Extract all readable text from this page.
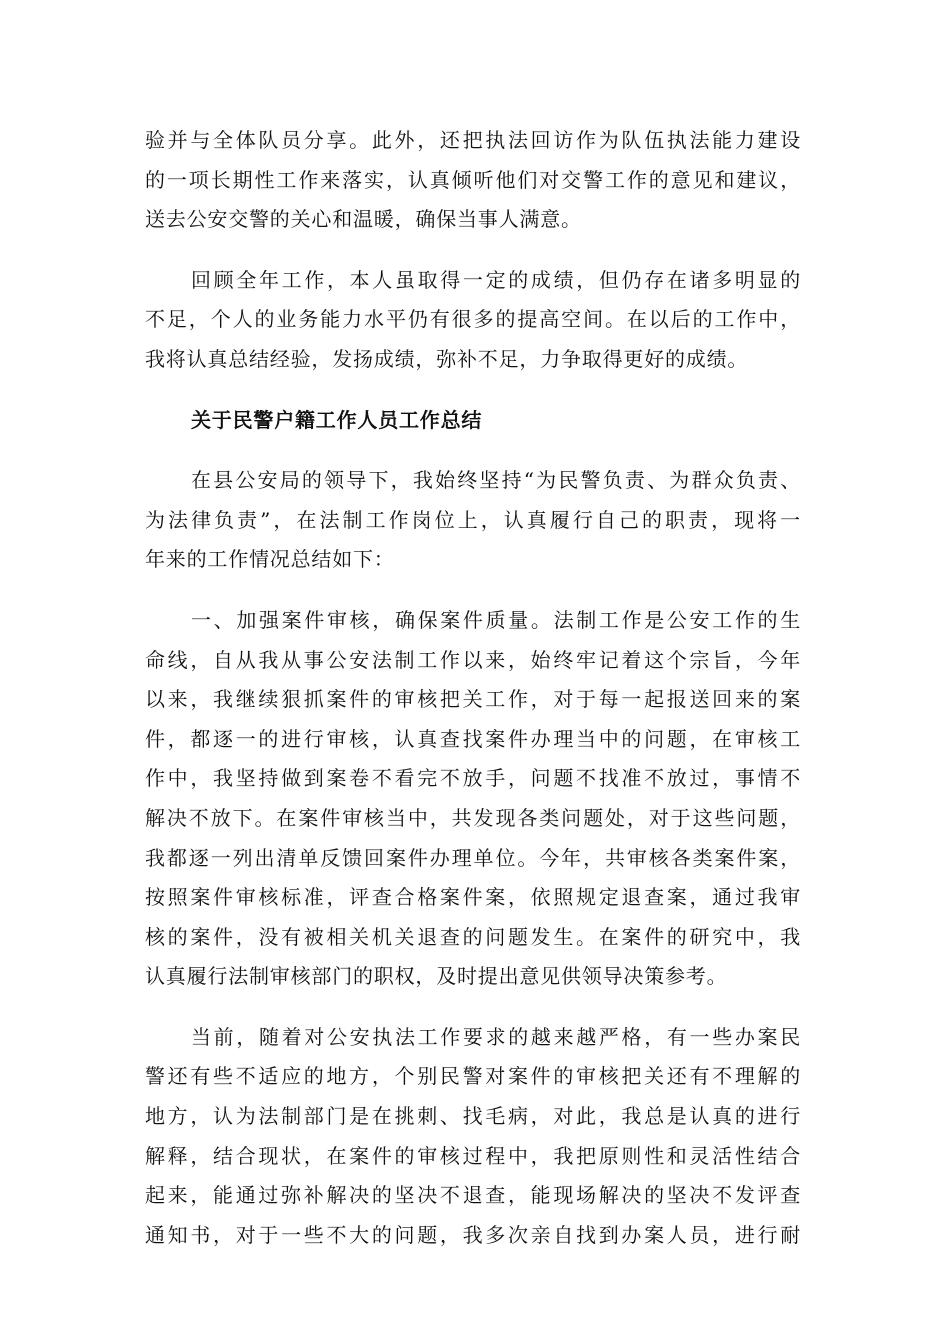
验并与全体队员分享。此外，还把执法回访作为队伍执法能力建设
的一项长期性工作来落实，认真倾听他们对交警工作的意见和建议，
送去公安交警的关心和温暖，确保当事人满意。

回顾全年工作，本人虽取得一定的成绩，但仍存在诸多明显的
不足，个人的业务能力水平仍有很多的提高空间。在以后的工作中，
我将认真总结经验，发扬成绩，弥补不足，力争取得更好的成绩。

关于民警户籍工作人员工作总结

在县公安局的领导下，我始终坚持“为民警负责、为群众负责、
为法律负责”，在法制工作岗位上，认真履行自己的职责，现将一
年来的工作情况总结如下：

一、加强案件审核，确保案件质量。法制工作是公安工作的生
命线，自从我从事公安法制工作以来，始终牢记着这个宗旨，今年
以来，我继续狠抓案件的审核把关工作，对于每一起报送回来的案
件，都逐一的进行审核，认真查找案件办理当中的问题，在审核工
作中，我坚持做到案卷不看完不放手，问题不找准不放过，事情不
解决不放下。在案件审核当中，共发现各类问题处，对于这些问题，
我都逐一列出清单反馈回案件办理单位。今年，共审核各类案件案，
按照案件审核标准，评查合格案件案，依照规定退查案，通过我审
核的案件，没有被相关机关退查的问题发生。在案件的研究中，我
认真履行法制审核部门的职权，及时提出意见供领导决策参考。

当前，随着对公安执法工作要求的越来越严格，有一些办案民
警还有些不适应的地方，个别民警对案件的审核把关还有不理解的
地方，认为法制部门是在挑刺、找毛病，对此，我总是认真的进行
解释，结合现状，在案件的审核过程中，我把原则性和灵活性结合
起来，能通过弥补解决的坚决不退查，能现场解决的坚决不发评查
通知书，对于一些不大的问题，我多次亲自找到办案人员，进行耐
